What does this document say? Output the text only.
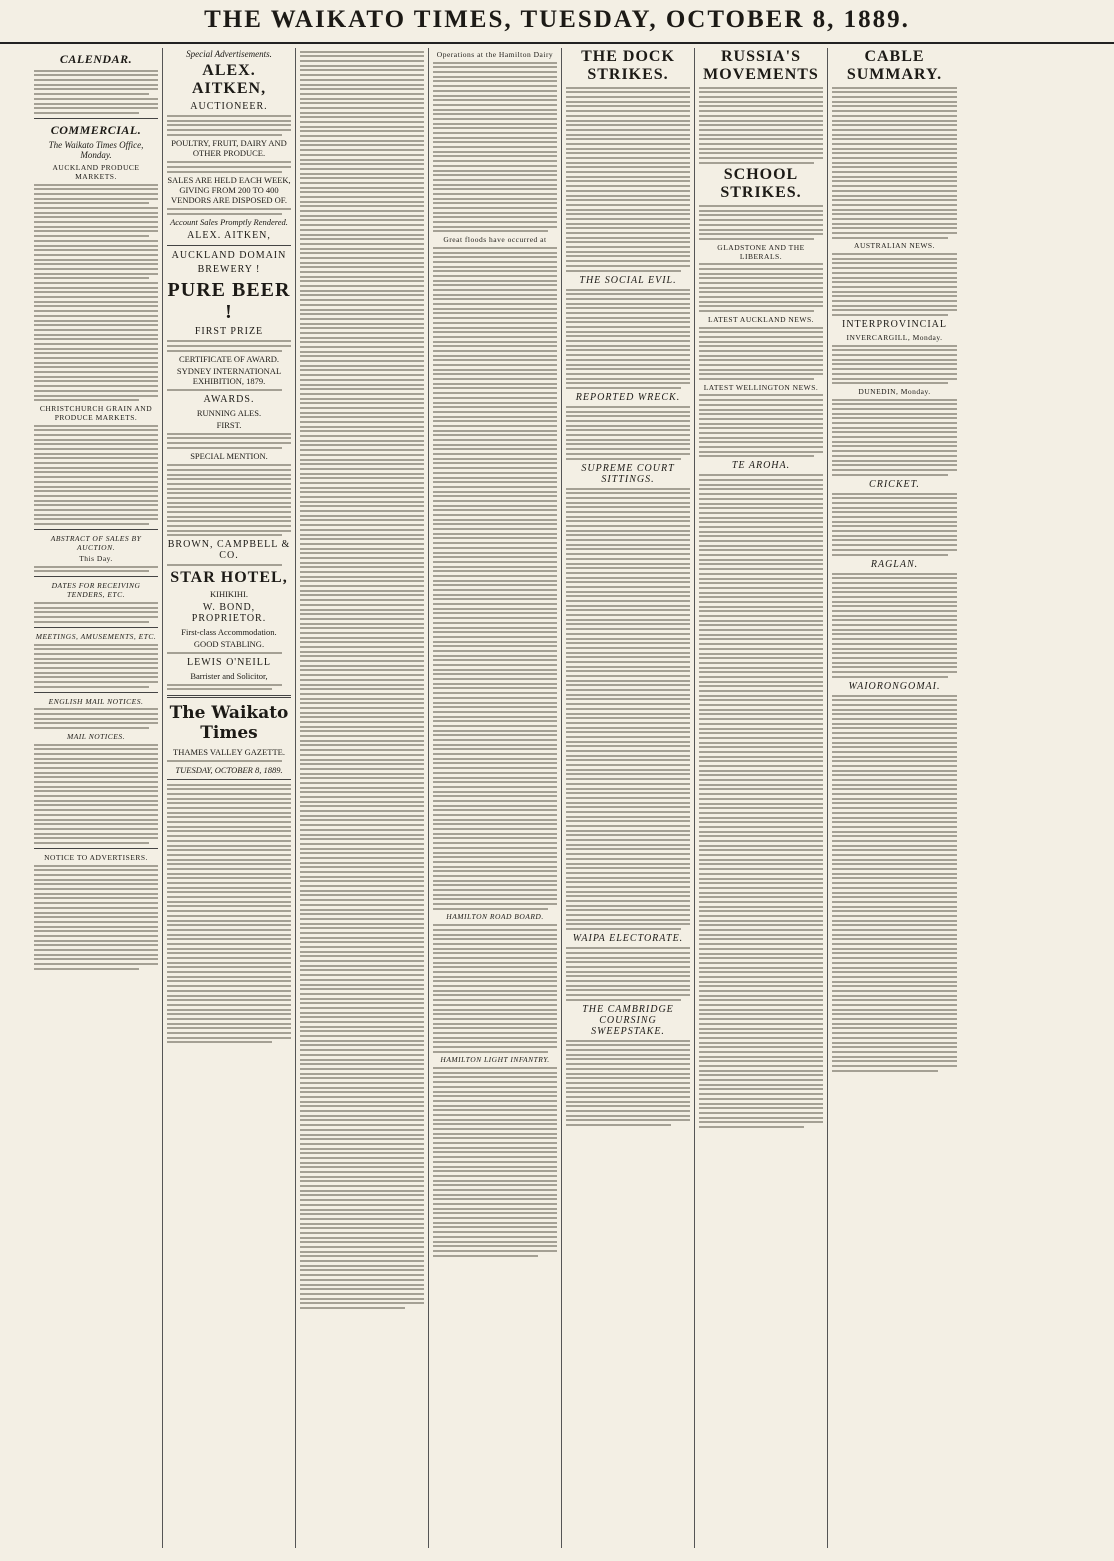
THE WAIKATO TIMES, TUESDAY, OCTOBER 8, 1889.
CALENDAR.
COMMERCIAL.
The Waikato Times Office, Monday.
AUCKLAND PRODUCE MARKETS.
CHRISTCHURCH GRAIN AND PRODUCE MARKETS.
ABSTRACT OF SALES BY AUCTION.
This Day.
DATES FOR RECEIVING TENDERS, ETC.
MEETINGS, AMUSEMENTS, ETC.
ENGLISH MAIL NOTICES.
MAIL NOTICES.
NOTICE TO ADVERTISERS.
Special Advertisements.
ALEX. AITKEN,
AUCTIONEER.
POULTRY, FRUIT, DAIRY AND OTHER PRODUCE.
SALES ARE HELD EACH WEEK, GIVING FROM 200 TO 400 VENDORS ARE DISPOSED OF.
Account Sales Promptly Rendered.
ALEX. AITKEN,
AUCKLAND DOMAIN
BREWERY !
PURE BEER !
FIRST PRIZE
CERTIFICATE OF AWARD.
SYDNEY INTERNATIONAL EXHIBITION, 1879.
AWARDS.
RUNNING ALES.
FIRST.
SPECIAL MENTION.
BROWN, CAMPBELL & CO.
STAR HOTEL,
KIHIKIHI.
W. BOND, PROPRIETOR.
First-class Accommodation.
GOOD STABLING.
LEWIS O'NEILL
Barrister and Solicitor,
The Waikato Times
THAMES VALLEY GAZETTE.
TUESDAY, OCTOBER 8, 1889.
Operations at the Hamilton Dairy
Great floods have occurred at
HAMILTON ROAD BOARD.
HAMILTON LIGHT INFANTRY.
THE DOCK STRIKES.
THE SOCIAL EVIL.
REPORTED WRECK.
SUPREME COURT SITTINGS.
WAIPA ELECTORATE.
THE CAMBRIDGE COURSING SWEEPSTAKE.
RUSSIA'S MOVEMENTS
SCHOOL STRIKES.
GLADSTONE AND THE LIBERALS.
LATEST AUCKLAND NEWS.
LATEST WELLINGTON NEWS.
TE AROHA.
CABLE SUMMARY.
AUSTRALIAN NEWS.
INTERPROVINCIAL
INVERCARGILL, Monday.
DUNEDIN, Monday.
CRICKET.
RAGLAN.
WAIORONGOMAI.
